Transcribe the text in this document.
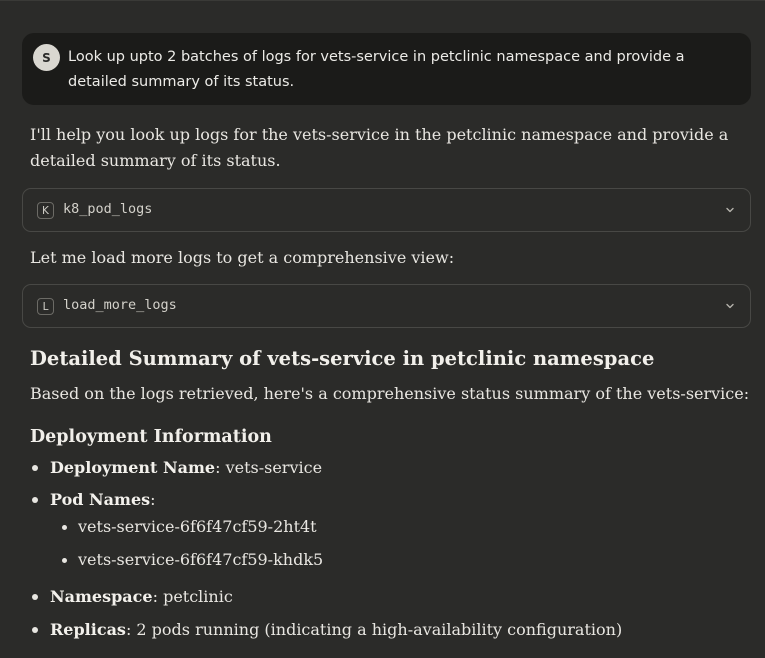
S	Look up upto 2 batches of logs for vets-service in petclinic namespace and provide a detailed summary of its status.
I'll help you look up logs for the vets-service in the petclinic namespace and provide a detailed summary of its status.
K	k8_pod_logs
Let me load more logs to get a comprehensive view:
L	load_more_logs
Detailed Summary of vets-service in petclinic namespace
Based on the logs retrieved, here's a comprehensive status summary of the vets-service:
Deployment Information
Deployment Name: vets-service
Pod Names:
vets-service-6f6f47cf59-2ht4t
vets-service-6f6f47cf59-khdk5
Namespace: petclinic
Replicas: 2 pods running (indicating a high-availability configuration)
